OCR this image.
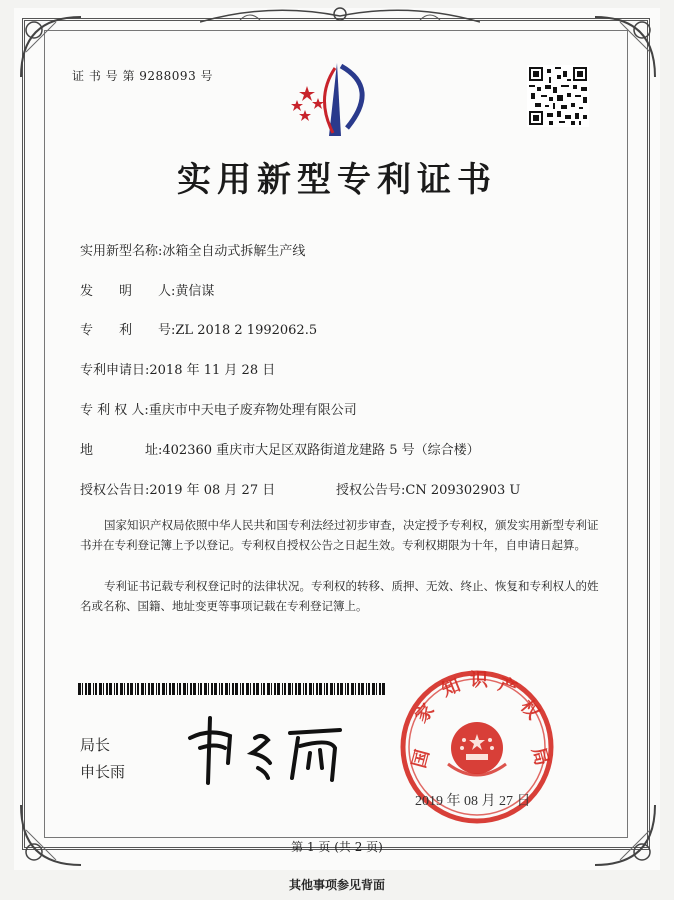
证 书 号 第 9288093 号
实用新型专利证书
实用新型名称:冰箱全自动式拆解生产线
发　　明　　人:黄信谋
专　　利　　号:ZL 2018 2 1992062.5
专利申请日:2018 年 11 月 28 日
专 利 权 人:重庆市中天电子废弃物处理有限公司
地　　　　址:402360 重庆市大足区双路街道龙建路 5 号（综合楼）
授权公告日:2019 年 08 月 27 日	授权公告号:CN 209302903 U
国家知识产权局依照中华人民共和国专利法经过初步审查，决定授予专利权，颁发实用新型专利证书并在专利登记簿上予以登记。专利权自授权公告之日起生效。专利权期限为十年，自申请日起算。
专利证书记载专利权登记时的法律状况。专利权的转移、质押、无效、终止、恢复和专利权人的姓名或名称、国籍、地址变更等事项记载在专利登记簿上。
局长
申长雨
国
家
知 识 产
权
局
2019 年 08 月 27 日
第 1 页 (共 2 页)
其他事项参见背面
